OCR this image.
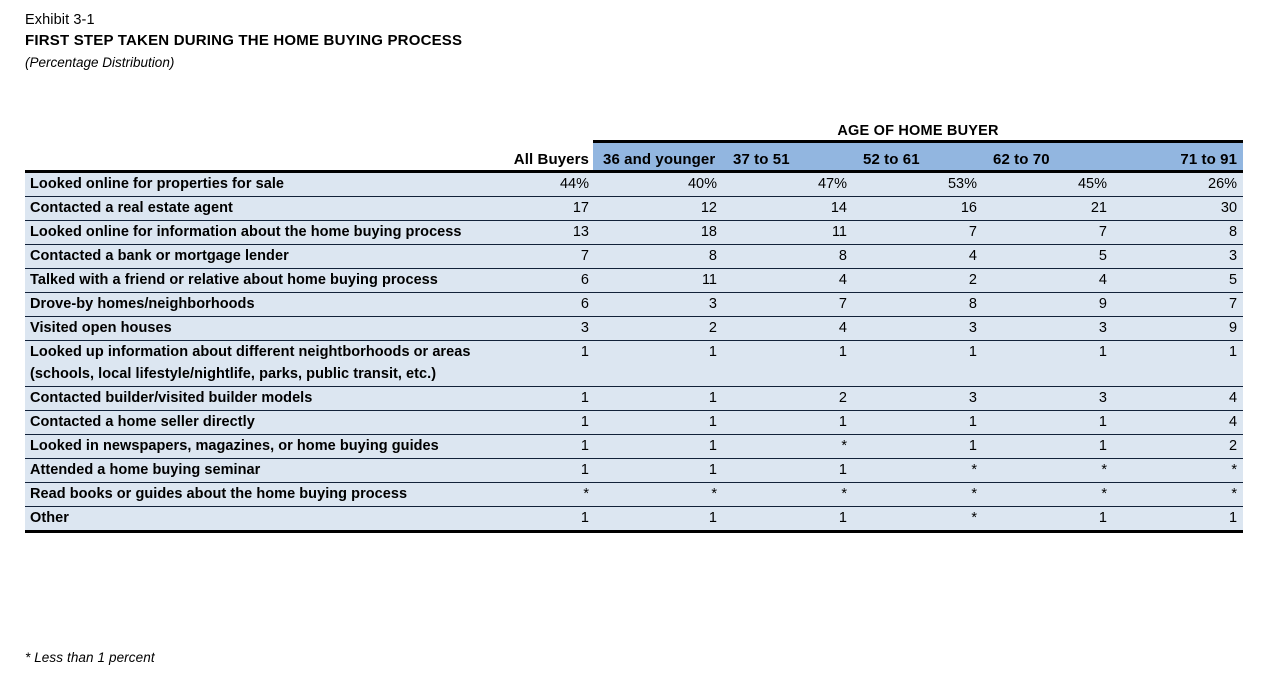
Exhibit 3-1
FIRST STEP TAKEN DURING THE HOME BUYING PROCESS
(Percentage Distribution)
		AGE OF HOME BUYER				
	All Buyers	36 and younger	37 to 51	52 to 61	62 to 70	71 to 91
Looked online for properties for sale	44%	40%	47%	53%	45%	26%
Contacted a real estate agent	17	12	14	16	21	30
Looked online for information about the home buying process	13	18	11	7	7	8
Contacted a bank or mortgage lender	7	8	8	4	5	3
Talked with a friend or relative about home buying process	6	11	4	2	4	5
Drove-by homes/neighborhoods	6	3	7	8	9	7
Visited open houses	3	2	4	3	3	9
Looked up information about different neightborhoods or areas (schools, local lifestyle/nightlife, parks, public transit, etc.)	1	1	1	1	1	1
Contacted builder/visited builder models	1	1	2	3	3	4
Contacted a home seller directly	1	1	1	1	1	4
Looked in newspapers, magazines, or home buying guides	1	1	*	1	1	2
Attended a home buying seminar	1	1	1	*	*	*
Read books or guides about the home buying process	*	*	*	*	*	*
Other	1	1	1	*	1	1
* Less than 1 percent
